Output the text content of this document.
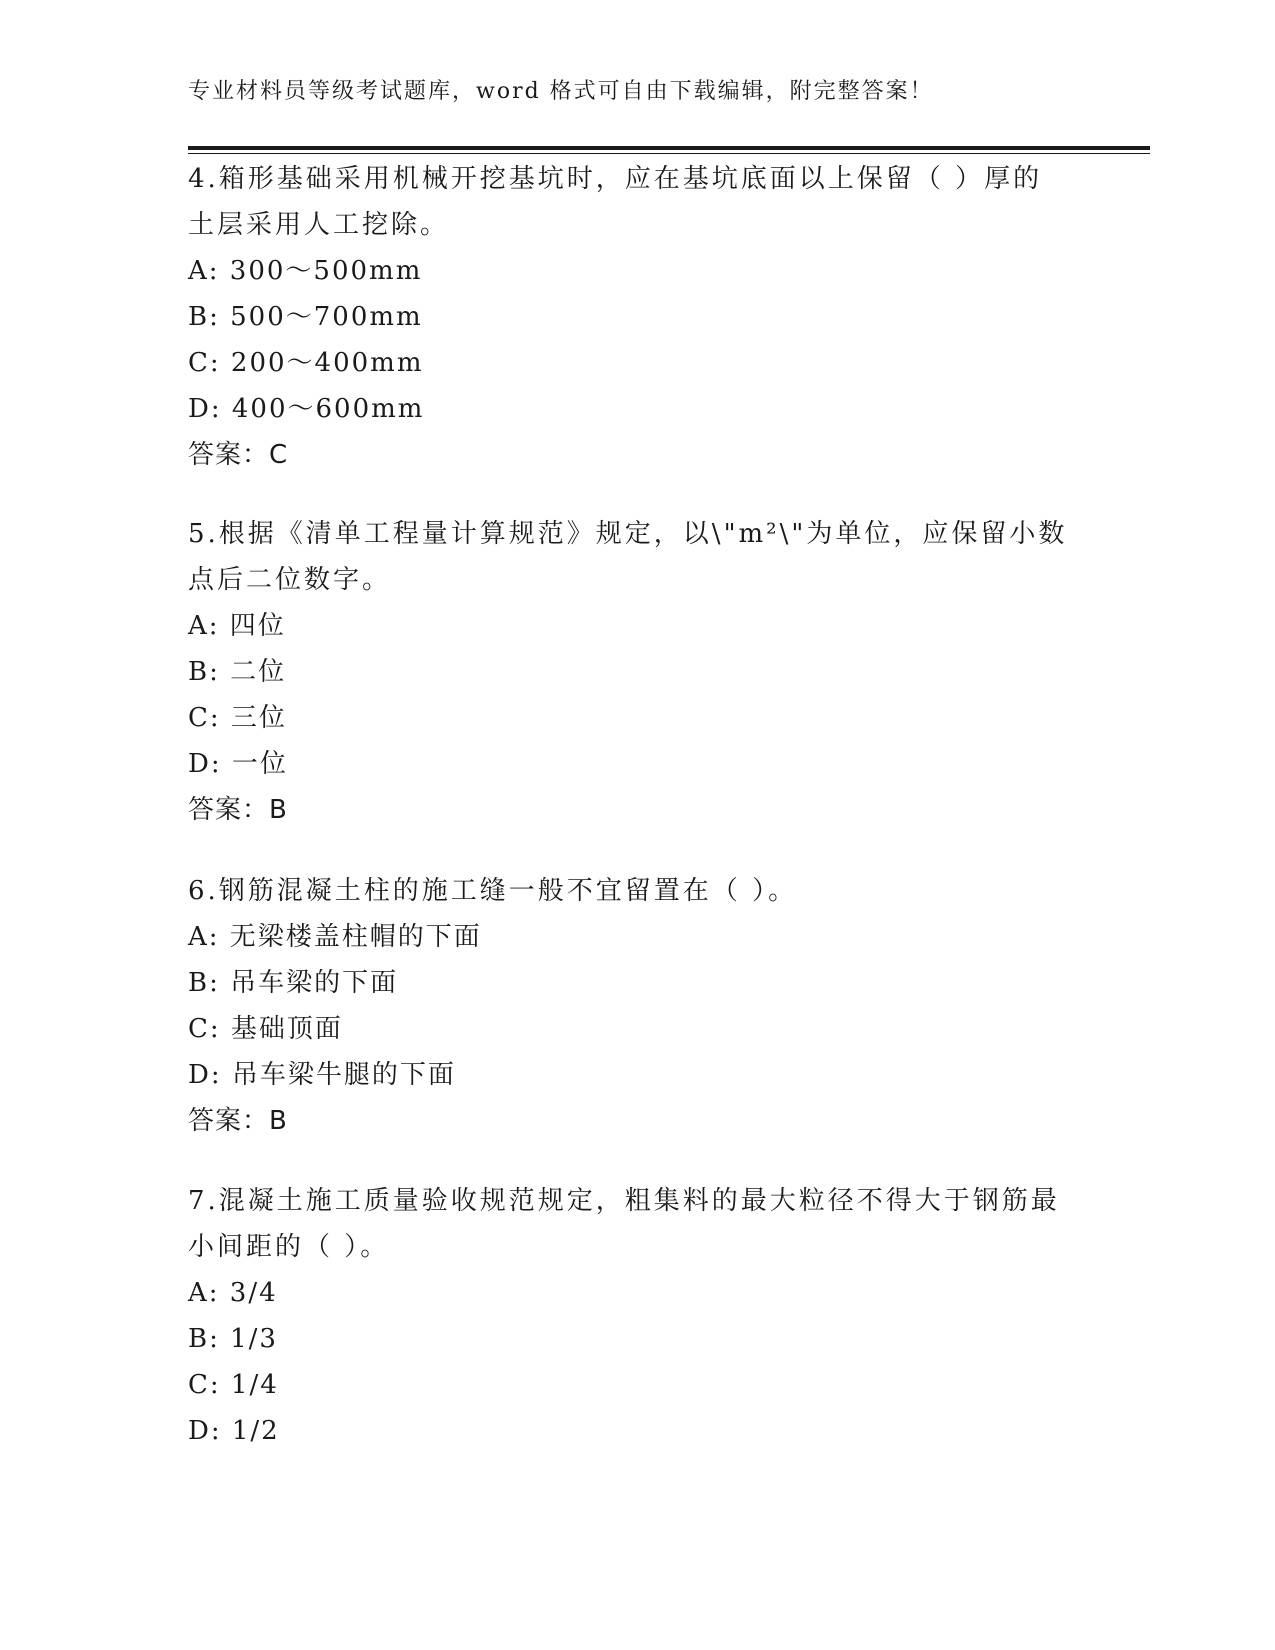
专业材料员等级考试题库，word 格式可自由下载编辑，附完整答案！

4.箱形基础采用机械开挖基坑时，应在基坑底面以上保留（ ）厚的土层采用人工挖除。

A: 300～500mm
B: 500～700mm
C: 200～400mm
D: 400～600mm
答案：C

5.根据《清单工程量计算规范》规定，以\"m²\"为单位，应保留小数点后二位数字。

A: 四位
B: 二位
C: 三位
D: 一位
答案：B

6.钢筋混凝土柱的施工缝一般不宜留置在（ ）。

A: 无梁楼盖柱帽的下面
B: 吊车梁的下面
C: 基础顶面
D: 吊车梁牛腿的下面
答案：B

7.混凝土施工质量验收规范规定，粗集料的最大粒径不得大于钢筋最小间距的（ ）。

A: 3/4
B: 1/3
C: 1/4
D: 1/2
